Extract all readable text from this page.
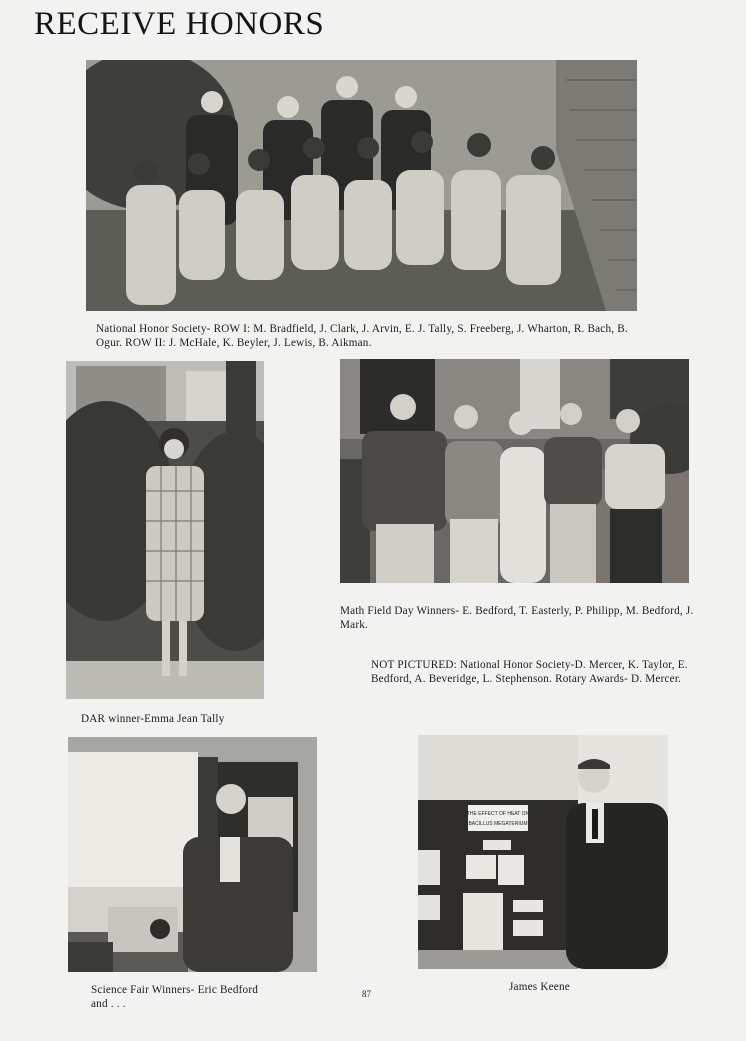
RECEIVE HONORS
National Honor Society- ROW I: M. Bradfield, J. Clark, J. Arvin, E. J. Tally, S. Freeberg, J. Wharton, R. Bach, B. Ogur. ROW II: J. McHale, K. Beyler, J. Lewis, B. Aikman.
DAR winner-Emma Jean Tally
Math Field Day Winners- E. Bedford, T. Easterly, P. Philipp, M. Bedford, J. Mark.
NOT PICTURED: National Honor Society-D. Mercer, K. Taylor, E. Bedford, A. Beveridge, L. Stephenson. Rotary Awards- D. Mercer.
Science Fair Winners- Eric Bedford
and . . .
87
THE EFFECT OF HEAT ON
BACILLUS MEGATERIUM
James Keene
